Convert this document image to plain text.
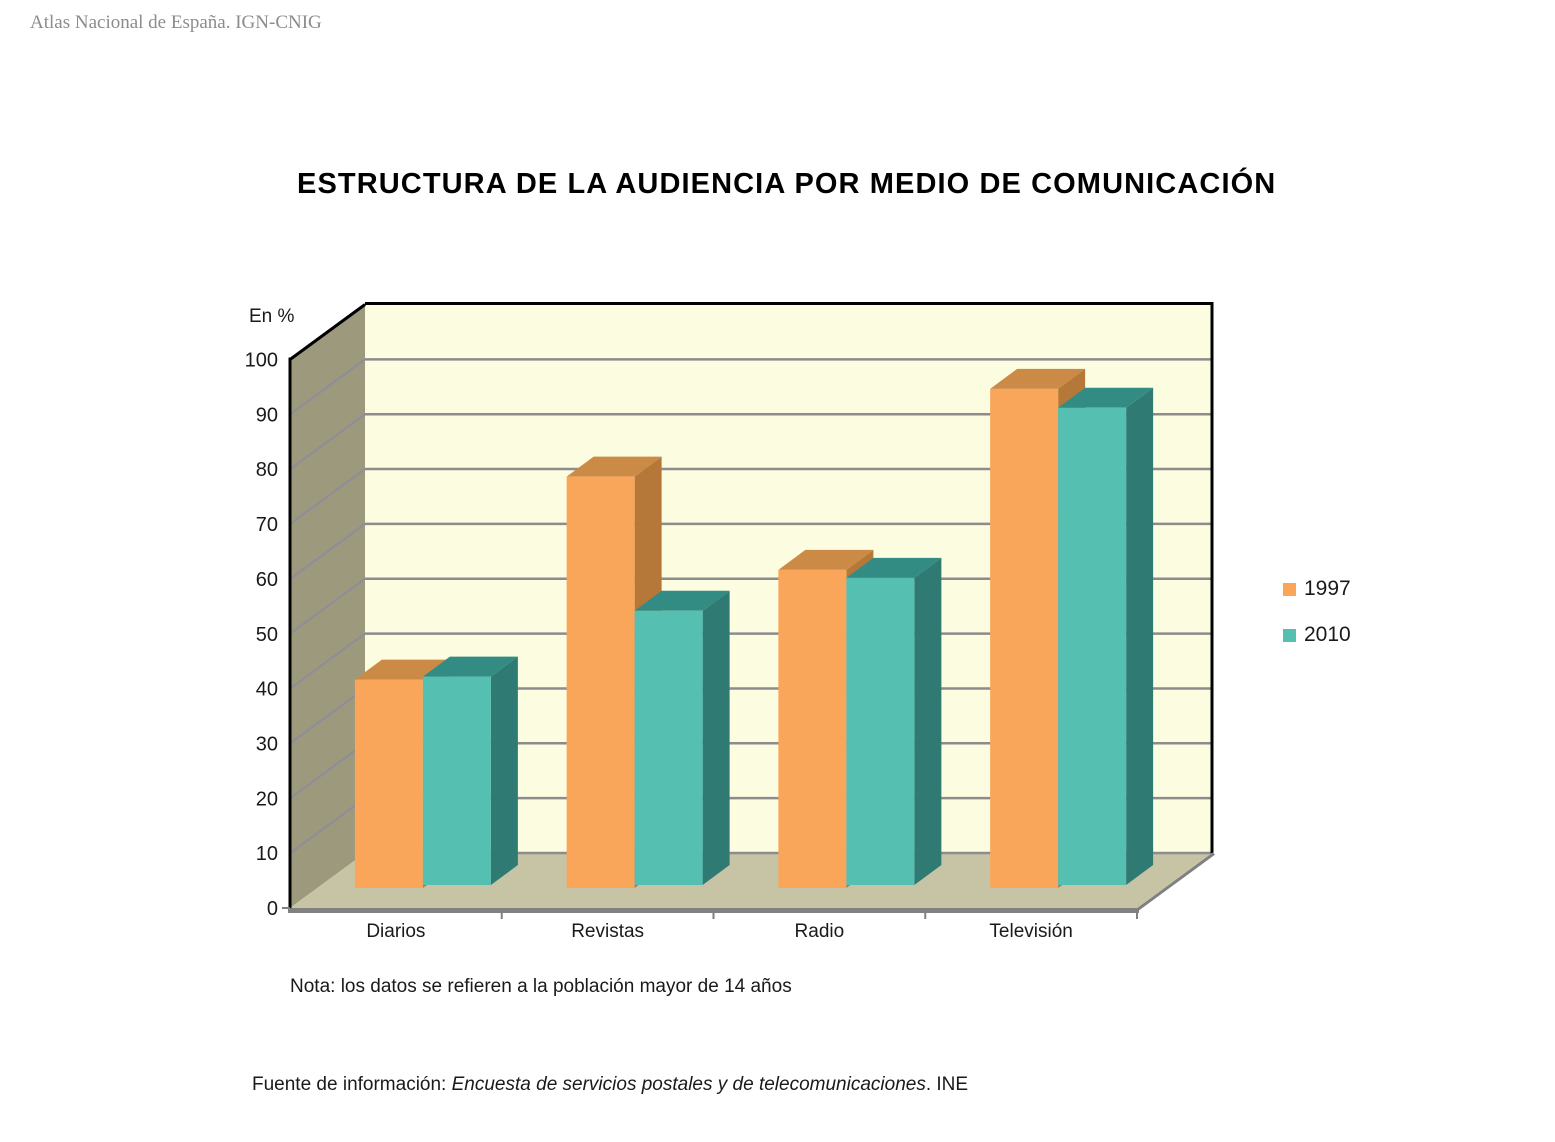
Atlas Nacional de España. IGN-CNIG
ESTRUCTURA DE LA AUDIENCIA POR MEDIO DE COMUNICACIÓN
En %
0
10
20
30
40
50
60
70
80
90
100
Diarios	Revistas	Radio	Televisión
1997
2010
Nota: los datos se refieren a la población mayor de 14 años
Fuente de información: Encuesta de servicios postales y de telecomunicaciones. INE
